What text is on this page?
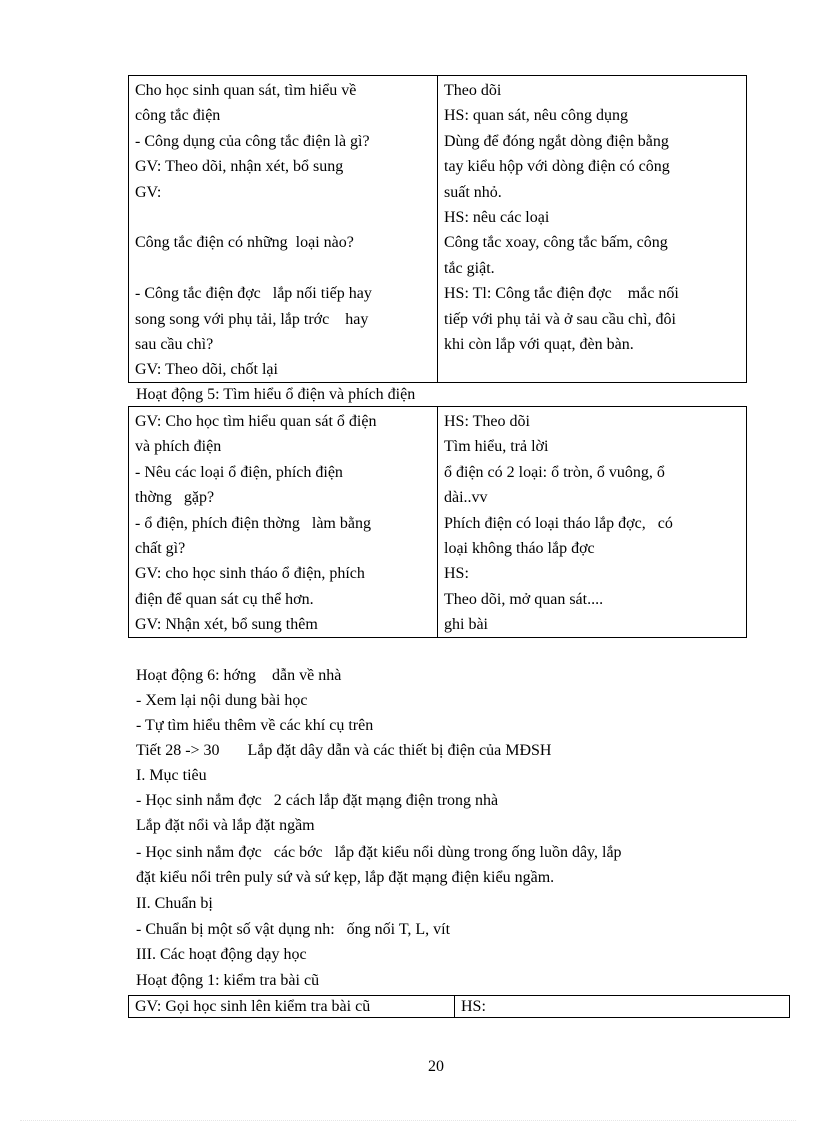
Cho học sinh quan sát, tìm hiểu về
công tắc điện
- Công dụng của công tắc điện là gì?
GV: Theo dõi, nhận xét, bổ sung
GV:
Công tắc điện có những  loại nào?
- Công tắc điện đợc   lắp nối tiếp hay
song song với phụ tải, lắp trớc    hay
sau cầu chì?
GV: Theo dõi, chốt lại
Theo dõi
HS: quan sát, nêu công dụng
Dùng để đóng ngắt dòng điện bằng
tay kiểu hộp với dòng điện có công
suất nhỏ.
HS: nêu các loại
Công tắc xoay, công tắc bấm, công
tắc giật.
HS: Tl: Công tắc điện đợc    mắc nối
tiếp với phụ tải và ở sau cầu chì, đôi
khi còn lắp với quạt, đèn bàn.
Hoạt động 5: Tìm hiểu ổ điện và phích điện
GV: Cho học tìm hiểu quan sát ổ điện
và phích điện
- Nêu các loại ổ điện, phích điện
thờng   gặp?
- ổ điện, phích điện thờng   làm bằng
chất gì?
GV: cho học sinh tháo ổ điện, phích
điện để quan sát cụ thể hơn.
GV: Nhận xét, bổ sung thêm
HS: Theo dõi
Tìm hiểu, trả lời
ổ điện có 2 loại: ổ tròn, ổ vuông, ổ
dài..vv
Phích điện có loại tháo lắp đợc,   có
loại không tháo lắp đợc
HS:
Theo dõi, mở quan sát....
ghi bài
Hoạt động 6: hớng    dẫn về nhà
- Xem lại nội dung bài học
- Tự tìm hiểu thêm về các khí cụ trên
Tiết 28 -> 30       Lắp đặt dây dẫn và các thiết bị điện của MĐSH
I. Mục tiêu
- Học sinh nắm đợc   2 cách lắp đặt mạng điện trong nhà
Lắp đặt nổi và lắp đặt ngầm
- Học sinh nắm đợc   các bớc   lắp đặt kiểu nổi dùng trong ống luồn dây, lắp
đặt kiểu nổi trên puly sứ và sứ kẹp, lắp đặt mạng điện kiểu ngầm.
II. Chuẩn bị
- Chuẩn bị một số vật dụng nh:   ống nối T, L, vít
III. Các hoạt động dạy học
Hoạt động 1: kiểm tra bài cũ
GV: Gọi học sinh lên kiểm tra bài cũ	HS:
20
